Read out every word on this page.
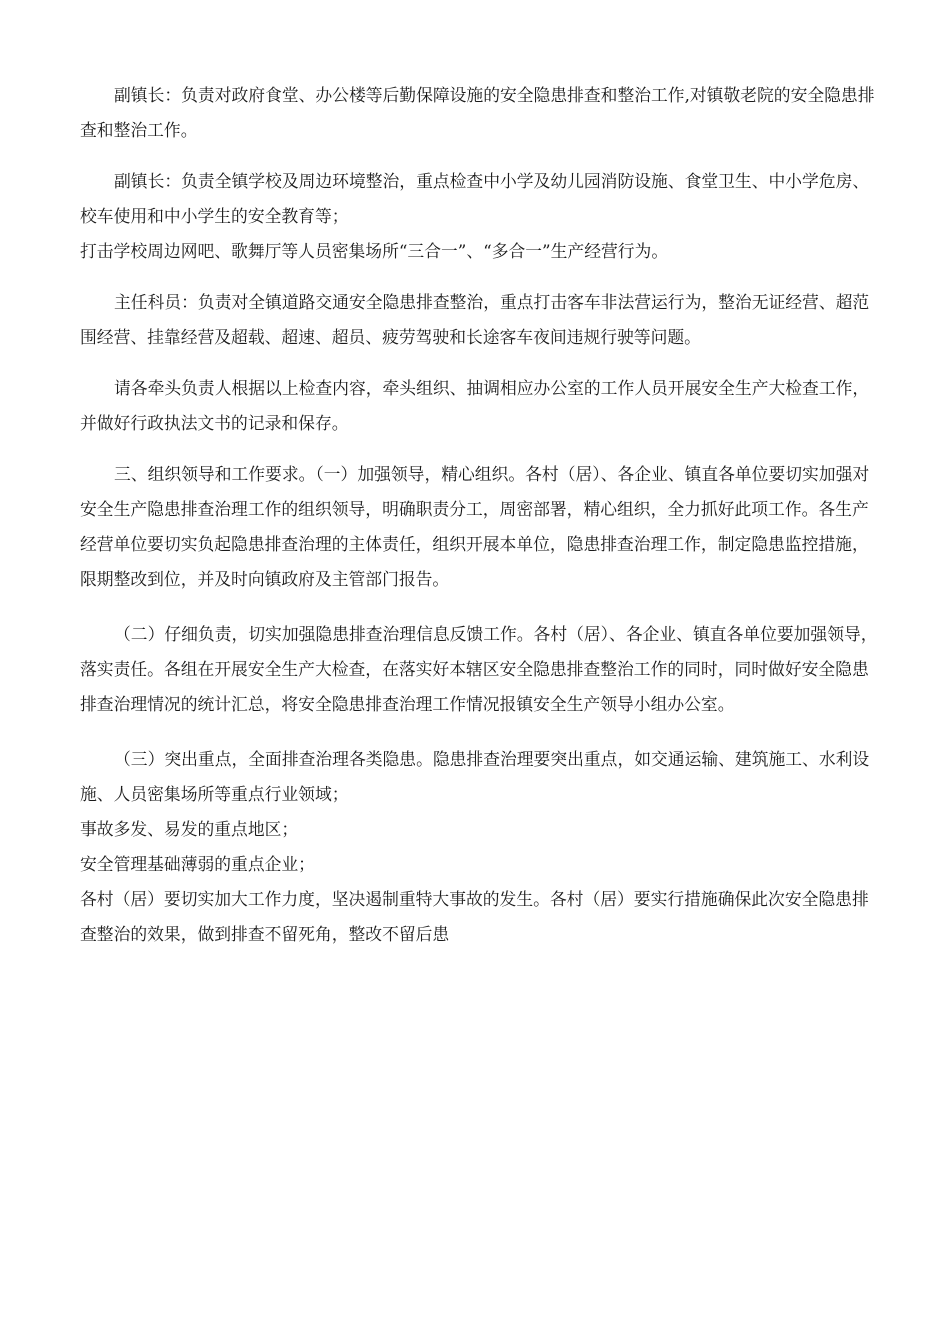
副镇长：负责对政府食堂、办公楼等后勤保障设施的安全隐患排查和整治工作,对镇敬老院的安全隐患排查和整治工作。

副镇长：负责全镇学校及周边环境整治，重点检查中小学及幼儿园消防设施、食堂卫生、中小学危房、校车使用和中小学生的安全教育等；

打击学校周边网吧、歌舞厅等人员密集场所“三合一”、“多合一”生产经营行为。

主任科员：负责对全镇道路交通安全隐患排查整治，重点打击客车非法营运行为，整治无证经营、超范围经营、挂靠经营及超载、超速、超员、疲劳驾驶和长途客车夜间违规行驶等问题。

请各牵头负责人根据以上检查内容，牵头组织、抽调相应办公室的工作人员开展安全生产大检查工作，并做好行政执法文书的记录和保存。

三、组织领导和工作要求。（一）加强领导，精心组织。各村（居）、各企业、镇直各单位要切实加强对安全生产隐患排查治理工作的组织领导，明确职责分工，周密部署，精心组织，全力抓好此项工作。各生产经营单位要切实负起隐患排查治理的主体责任，组织开展本单位，隐患排查治理工作，制定隐患监控措施，限期整改到位，并及时向镇政府及主管部门报告。

（二）仔细负责，切实加强隐患排查治理信息反馈工作。各村（居）、各企业、镇直各单位要加强领导，落实责任。各组在开展安全生产大检查，在落实好本辖区安全隐患排查整治工作的同时，同时做好安全隐患排查治理情况的统计汇总，将安全隐患排查治理工作情况报镇安全生产领导小组办公室。

（三）突出重点，全面排查治理各类隐患。隐患排查治理要突出重点，如交通运输、建筑施工、水利设施、人员密集场所等重点行业领域；

事故多发、易发的重点地区；

安全管理基础薄弱的重点企业；

各村（居）要切实加大工作力度，坚决遏制重特大事故的发生。各村（居）要实行措施确保此次安全隐患排查整治的效果，做到排查不留死角，整改不留后患
